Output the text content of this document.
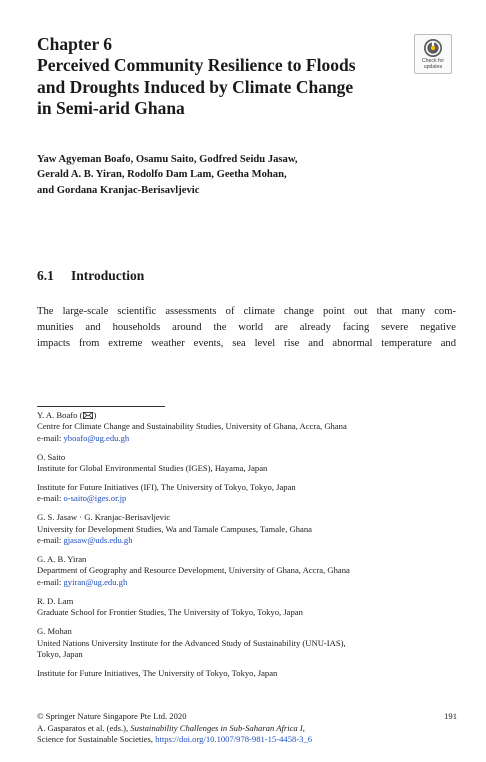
Chapter 6
Perceived Community Resilience to Floods
and Droughts Induced by Climate Change
in Semi-arid Ghana
Check for
updates
Yaw Agyeman Boafo, Osamu Saito, Godfred Seidu Jasaw,
Gerald A. B. Yiran, Rodolfo Dam Lam, Geetha Mohan,
and Gordana Kranjac-Berisavljevic
6.1 Introduction
The large-scale scientific assessments of climate change point out that many com-
munities and households around the world are already facing severe negative
impacts from extreme weather events, sea level rise and abnormal temperature and
Y. A. Boafo ( )
Centre for Climate Change and Sustainability Studies, University of Ghana, Accra, Ghana
e-mail: yboafo@ug.edu.gh
O. Saito
Institute for Global Environmental Studies (IGES), Hayama, Japan
Institute for Future Initiatives (IFI), The University of Tokyo, Tokyo, Japan
e-mail: o-saito@iges.or.jp
G. S. Jasaw · G. Kranjac-Berisavljevic
University for Development Studies, Wa and Tamale Campuses, Tamale, Ghana
e-mail: gjasaw@uds.edu.gh
G. A. B. Yiran
Department of Geography and Resource Development, University of Ghana, Accra, Ghana
e-mail: gyiran@ug.edu.gh
R. D. Lam
Graduate School for Frontier Studies, The University of Tokyo, Tokyo, Japan
G. Mohan
United Nations University Institute for the Advanced Study of Sustainability (UNU-IAS),
Tokyo, Japan
Institute for Future Initiatives, The University of Tokyo, Tokyo, Japan
© Springer Nature Singapore Pte Ltd. 2020	191
A. Gasparatos et al. (eds.), Sustainability Challenges in Sub-Saharan Africa I,
Science for Sustainable Societies, https://doi.org/10.1007/978-981-15-4458-3_6
